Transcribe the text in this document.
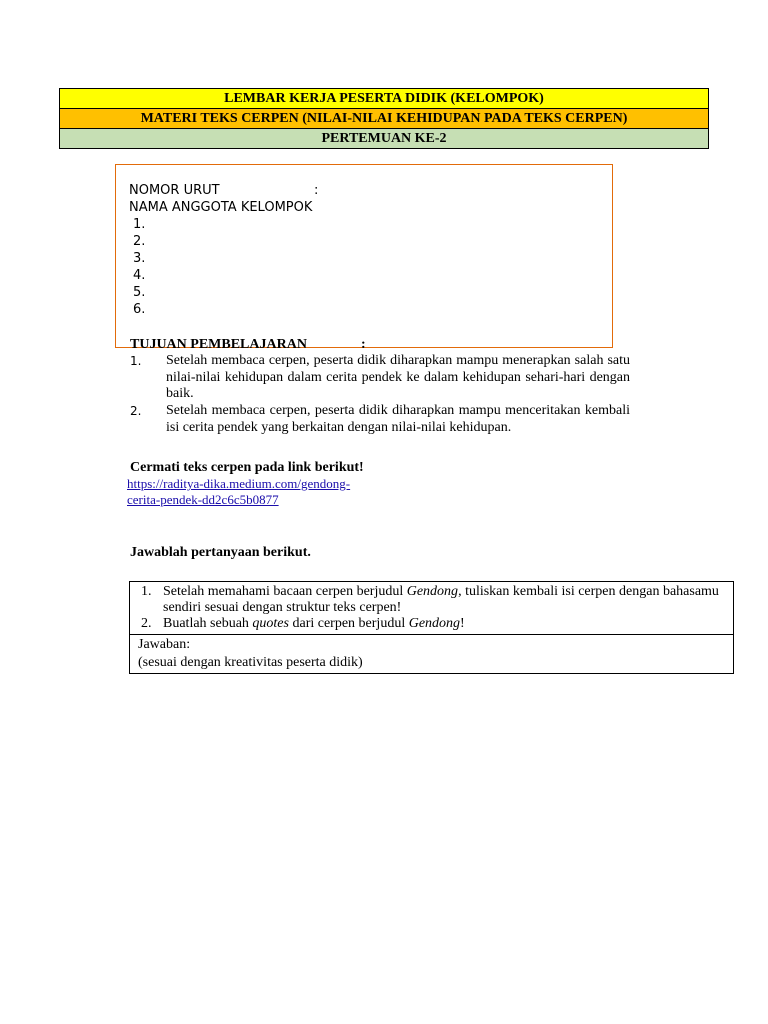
LEMBAR KERJA PESERTA DIDIK (KELOMPOK)
MATERI TEKS CERPEN (NILAI-NILAI KEHIDUPAN PADA TEKS CERPEN)
PERTEMUAN KE-2
NOMOR URUT	:
NAMA ANGGOTA KELOMPOK
1.
2.
3.
4.
5.
6.
TUJUAN PEMBELAJARAN	:
1. Setelah membaca cerpen, peserta didik diharapkan mampu menerapkan salah satu nilai-nilai kehidupan dalam cerita pendek ke dalam kehidupan sehari-hari dengan baik.
2. Setelah membaca cerpen, peserta didik diharapkan mampu menceritakan kembali isi cerita pendek yang berkaitan dengan nilai-nilai kehidupan.
Cermati teks cerpen pada link berikut!
https://raditya-dika.medium.com/gendong-
cerita-pendek-dd2c6c5b0877
Jawablah pertanyaan berikut.
1. Setelah memahami bacaan cerpen berjudul Gendong, tuliskan kembali isi cerpen dengan bahasamu sendiri sesuai dengan struktur teks cerpen!
2. Buatlah sebuah quotes dari cerpen berjudul Gendong!
Jawaban:
(sesuai dengan kreativitas peserta didik)
